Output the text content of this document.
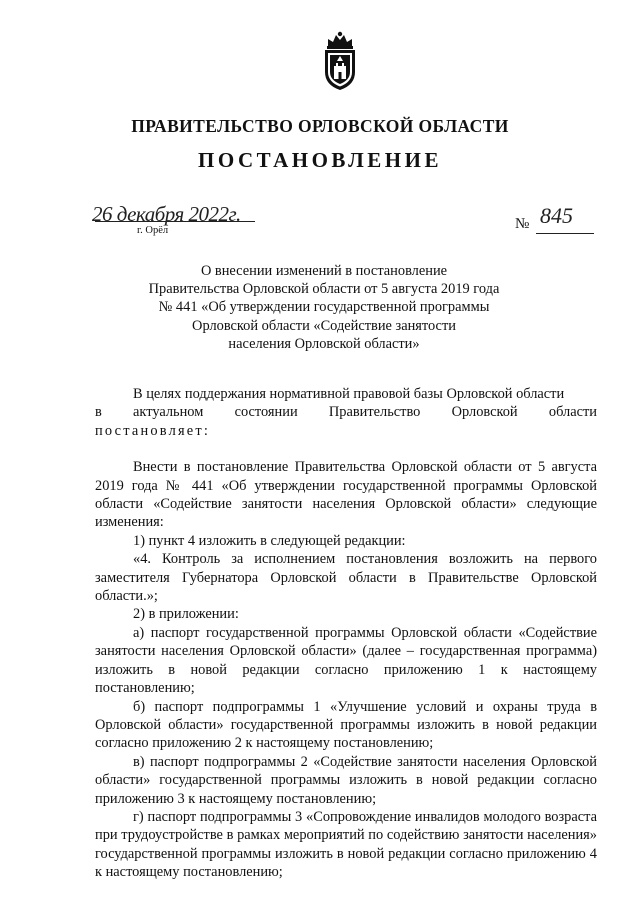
ПРАВИТЕЛЬСТВО ОРЛОВСКОЙ ОБЛАСТИ
ПОСТАНОВЛЕНИЕ
26 декабря 2022г.
г. Орёл	№ 845
О внесении изменений в постановление
Правительства Орловской области от 5 августа 2019 года
№ 441 «Об утверждении государственной программы
Орловской области «Содействие занятости
населения Орловской области»

В целях поддержания нормативной правовой базы Орловской области

в актуальном состоянии Правительство Орловской области

постановляет:

Внести в постановление Правительства Орловской области от 5 августа 2019 года № 441 «Об утверждении государственной программы Орловской области «Содействие занятости населения Орловской области» следующие изменения:

1) пункт 4 изложить в следующей редакции:

«4. Контроль за исполнением постановления возложить на первого заместителя Губернатора Орловской области в Правительстве Орловской области.»;

2) в приложении:

а) паспорт государственной программы Орловской области «Содействие занятости населения Орловской области» (далее – государственная программа) изложить в новой редакции согласно приложению 1 к настоящему постановлению;

б) паспорт подпрограммы 1 «Улучшение условий и охраны труда в Орловской области» государственной программы изложить в новой редакции согласно приложению 2 к настоящему постановлению;

в) паспорт подпрограммы 2 «Содействие занятости населения Орловской области» государственной программы изложить в новой редакции согласно приложению 3 к настоящему постановлению;

г) паспорт подпрограммы 3 «Сопровождение инвалидов молодого возраста при трудоустройстве в рамках мероприятий по содействию занятости населения» государственной программы изложить в новой редакции согласно приложению 4 к настоящему постановлению;
